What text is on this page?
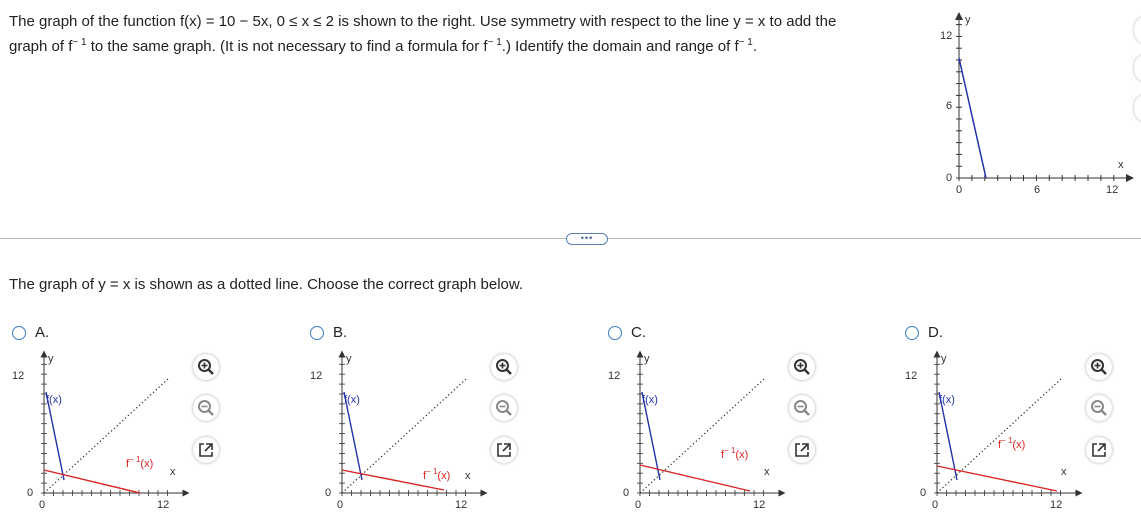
The graph of the function f(x) = 10 − 5x, 0 ≤ x ≤ 2 is shown to the right. Use symmetry with respect to the line y = x to add the
graph of $f^{- 1}$ to the same graph. (It is not necessary to find a formula for $f^{- 1}$.) Identify the domain and range of $f^{- 1}$.
y
x
12
6
0
0	6	12
•••
The graph of y = x is shown as a dotted line. Choose the correct graph below.
A.
y
x
12
0
0	12
f(x)
$f^{- 1}(x)$
B.
y
x
12
0
0	12
f(x)
$f^{- 1}(x)$
C.
y
x
12
0
0	12
f(x)
$f^{- 1}(x)$
D.
y
x
12
0
0	12
f(x)
$f^{- 1}(x)$
